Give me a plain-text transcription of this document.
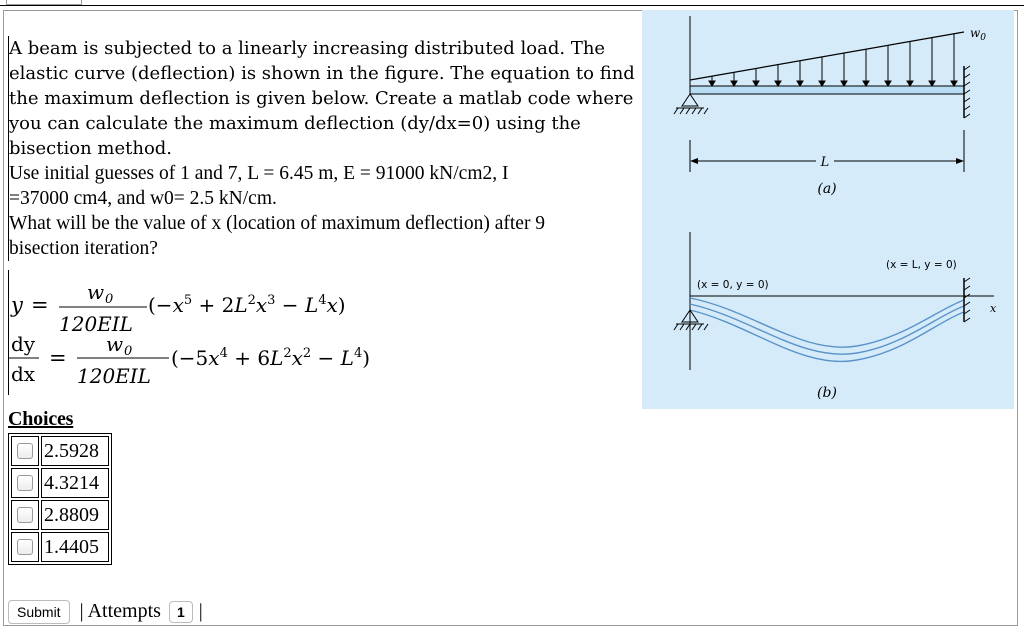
A beam is subjected to a linearly increasing distributed load. The
elastic curve (deflection) is shown in the figure. The equation to find
the maximum deflection is given below. Create a matlab code where
you can calculate the maximum deflection (dy/dx=0) using the
bisection method.
Use initial guesses of 1 and 7, L = 6.45 m, E = 91000 kN/cm2, I
=37000 cm4, and w0= 2.5 kN/cm.
What will be the value of x (location of maximum deflection) after 9
bisection iteration?
y =
w 0
120EIL
$(-x^5 + 2L^2x^3 - L^4x)$
dy
dx
=
w 0
120EIL
$(-5x^4 + 6L^2x^2 - L^4)$
Choices
	2.5928
	4.3214
	2.8809
	1.4405
Submit | Attempts	1 |
$w_0$
L
(a)
(x = 0, y = 0)
(x = L, y = 0)
x
(b)
